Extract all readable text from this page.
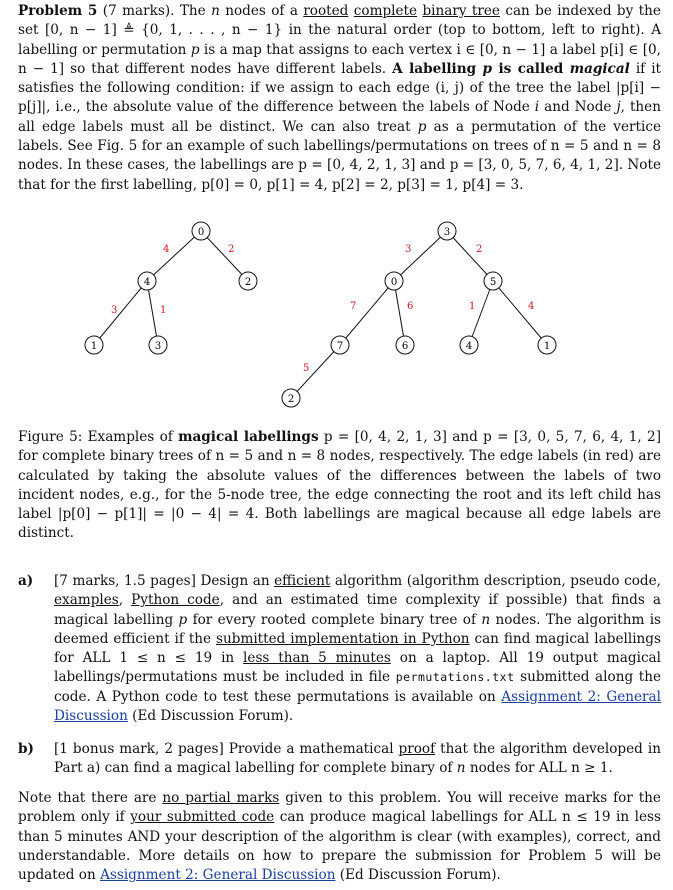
Problem 5 (7 marks). The n nodes of a rooted complete binary tree can be indexed by the set [0, n − 1] ≜ {0, 1, . . . , n − 1} in the natural order (top to bottom, left to right). A labelling or permutation p is a map that assigns to each vertex i ∈ [0, n − 1] a label p[i] ∈ [0, n − 1] so that different nodes have different labels. A labelling p is called magical if it satisfies the following condition: if we assign to each edge (i, j) of the tree the label |p[i] − p[j]|, i.e., the absolute value of the difference between the labels of Node i and Node j, then all edge labels must all be distinct. We can also treat p as a permutation of the vertice labels. See Fig. 5 for an example of such labellings/permutations on trees of n = 5 and n = 8 nodes. In these cases, the labellings are p = [0, 4, 2, 1, 3] and p = [3, 0, 5, 7, 6, 4, 1, 2]. Note that for the first labelling, p[0] = 0, p[1] = 4, p[2] = 2, p[3] = 1, p[4] = 3.

0
4	2
1	3
4	2
3	1
3
0	5
7	6	4	1
2
3	2
7	6	1	4
5

Figure 5: Examples of magical labellings p = [0, 4, 2, 1, 3] and p = [3, 0, 5, 7, 6, 4, 1, 2] for complete binary trees of n = 5 and n = 8 nodes, respectively. The edge labels (in red) are calculated by taking the absolute values of the differences between the labels of two incident nodes, e.g., for the 5-node tree, the edge connecting the root and its left child has label |p[0] − p[1]| = |0 − 4| = 4. Both labellings are magical because all edge labels are distinct.

a)	[7 marks, 1.5 pages] Design an efficient algorithm (algorithm description, pseudo code, examples, Python code, and an estimated time complexity if possible) that finds a magical labelling p for every rooted complete binary tree of n nodes. The algorithm is deemed efficient if the submitted implementation in Python can find magical labellings for ALL 1 ≤ n ≤ 19 in less than 5 minutes on a laptop. All 19 output magical labellings/permutations must be included in file permutations.txt submitted along the code. A Python code to test these permutations is available on Assignment 2: General Discussion (Ed Discussion Forum).
b)	[1 bonus mark, 2 pages] Provide a mathematical proof that the algorithm developed in Part a) can find a magical labelling for complete binary of n nodes for ALL n ≥ 1.

Note that there are no partial marks given to this problem. You will receive marks for the problem only if your submitted code can produce magical labellings for ALL n ≤ 19 in less than 5 minutes AND your description of the algorithm is clear (with examples), correct, and understandable. More details on how to prepare the submission for Problem 5 will be updated on Assignment 2: General Discussion (Ed Discussion Forum).
